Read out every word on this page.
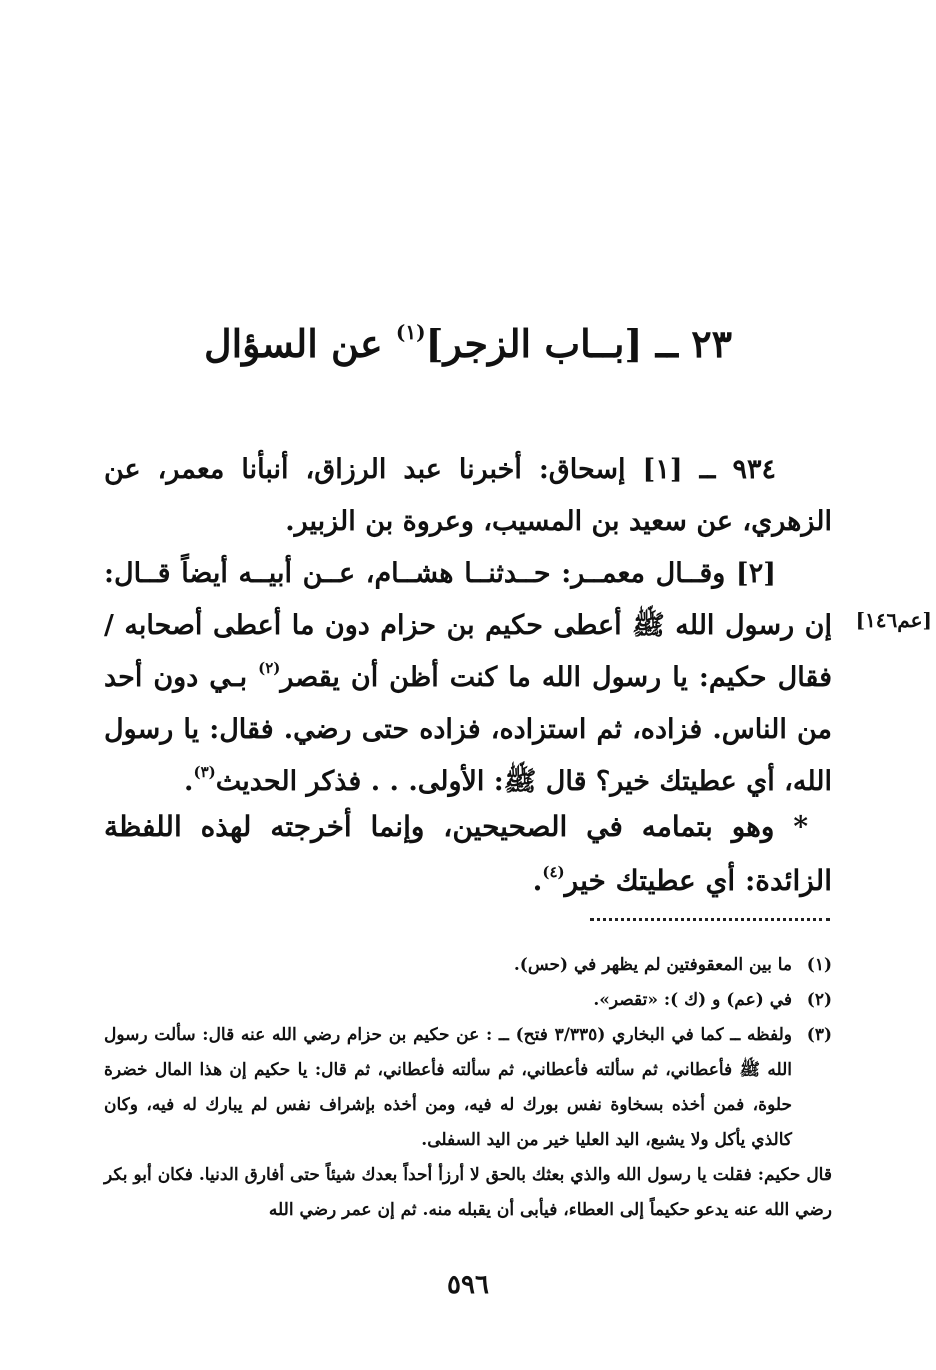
٢٣ ــ [بــاب الزجر]$^{(١)}$ عن السؤال
٩٣٤ ــ [١] إسحاق: أخبرنا عبد الرزاق، أنبأنا معمر، عن الزهري، عن سعيد بن المسيب، وعروة بن الزبير.
[٢] وقــال معمــر: حــدثنــا هشــام، عــن أبيــه أيضاً قــال: إن رسول الله ﷺ أعطى حكيم بن حزام دون ما أعطى أصحابه / فقال حكيم: يا رسول الله ما كنت أظن أن يقصر$^{(٢)}$ بـي دون أحد من الناس. فزاده، ثم استزاده، فزاده حتى رضي. فقال: يا رسول الله، أي عطيتك خير؟ قال ﷺ: الأولى. . . فذكر الحديث$^{(٣)}$.
[عم١٤٦]
* وهو بتمامه في الصحيحين، وإنما أخرجته لهذه اللفظة الزائدة: أي عطيتك خير$^{(٤)}$.
(١)
ما بين المعقوفتين لم يظهر في (حس).
(٢)
في (عم) و (ك ): «تقصر».
(٣)
ولفظه ــ كما في البخاري (٣/٣٣٥ فتح) ــ : عن حكيم بن حزام رضي الله عنه قال: سألت رسول الله ﷺ فأعطاني، ثم سألته فأعطاني، ثم سألته فأعطاني، ثم قال: يا حكيم إن هذا المال خضرة حلوة، فمن أخذه بسخاوة نفس بورك له فيه، ومن أخذه بإشراف نفس لم يبارك له فيه، وكان كالذي يأكل ولا يشبع، اليد العليا خير من اليد السفلى.
قال حكيم: فقلت يا رسول الله والذي بعثك بالحق لا أرزأ أحداً بعدك شيئاً حتى أفارق الدنيا. فكان أبو بكر رضي الله عنه يدعو حكيماً إلى العطاء، فيأبى أن يقبله منه. ثم إن عمر رضي الله
٥٩٦
